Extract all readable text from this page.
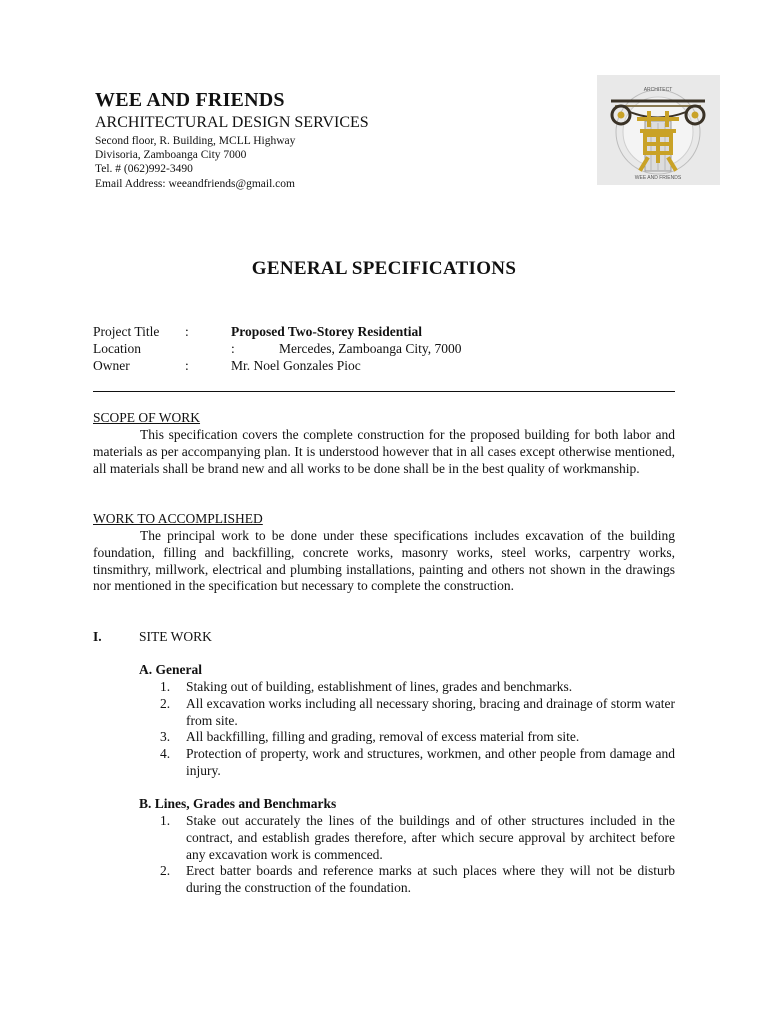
WEE AND FRIENDS
ARCHITECTURAL DESIGN SERVICES
Second floor, R. Building, MCLL Highway
Divisoria, Zamboanga City 7000
Tel. # (062)992-3490
Email Address: weeandfriends@gmail.com
ARCHITECT
WEE AND FRIENDS
GENERAL SPECIFICATIONS
Project Title :	Proposed Two-Storey Residential
Location	:	Mercedes, Zamboanga City, 7000
Owner	:	Mr. Noel Gonzales Pioc
SCOPE OF WORK
This specification covers the complete construction for the proposed building for both labor and materials as per accompanying plan. It is understood however that in all cases except otherwise mentioned, all materials shall be brand new and all works to be done shall be in the best quality of workmanship.
WORK TO ACCOMPLISHED
The principal work to be done under these specifications includes excavation of the building foundation, filling and backfilling, concrete works, masonry works, steel works, carpentry works, tinsmithry, millwork, electrical and plumbing installations, painting and others not shown in the drawings nor mentioned in the specification but necessary to complete the construction.
I.	SITE WORK
A. General
1.	Staking out of building, establishment of lines, grades and benchmarks.
2.	All excavation works including all necessary shoring, bracing and drainage of storm water from site.
3.	All backfilling, filling and grading, removal of excess material from site.
4.	Protection of property, work and structures, workmen, and other people from damage and injury.
B. Lines, Grades and Benchmarks
1.	Stake out accurately the lines of the buildings and of other structures included in the contract, and establish grades therefore, after which secure approval by architect before any excavation work is commenced.
2.	Erect batter boards and reference marks at such places where they will not be disturb during the construction of the foundation.
